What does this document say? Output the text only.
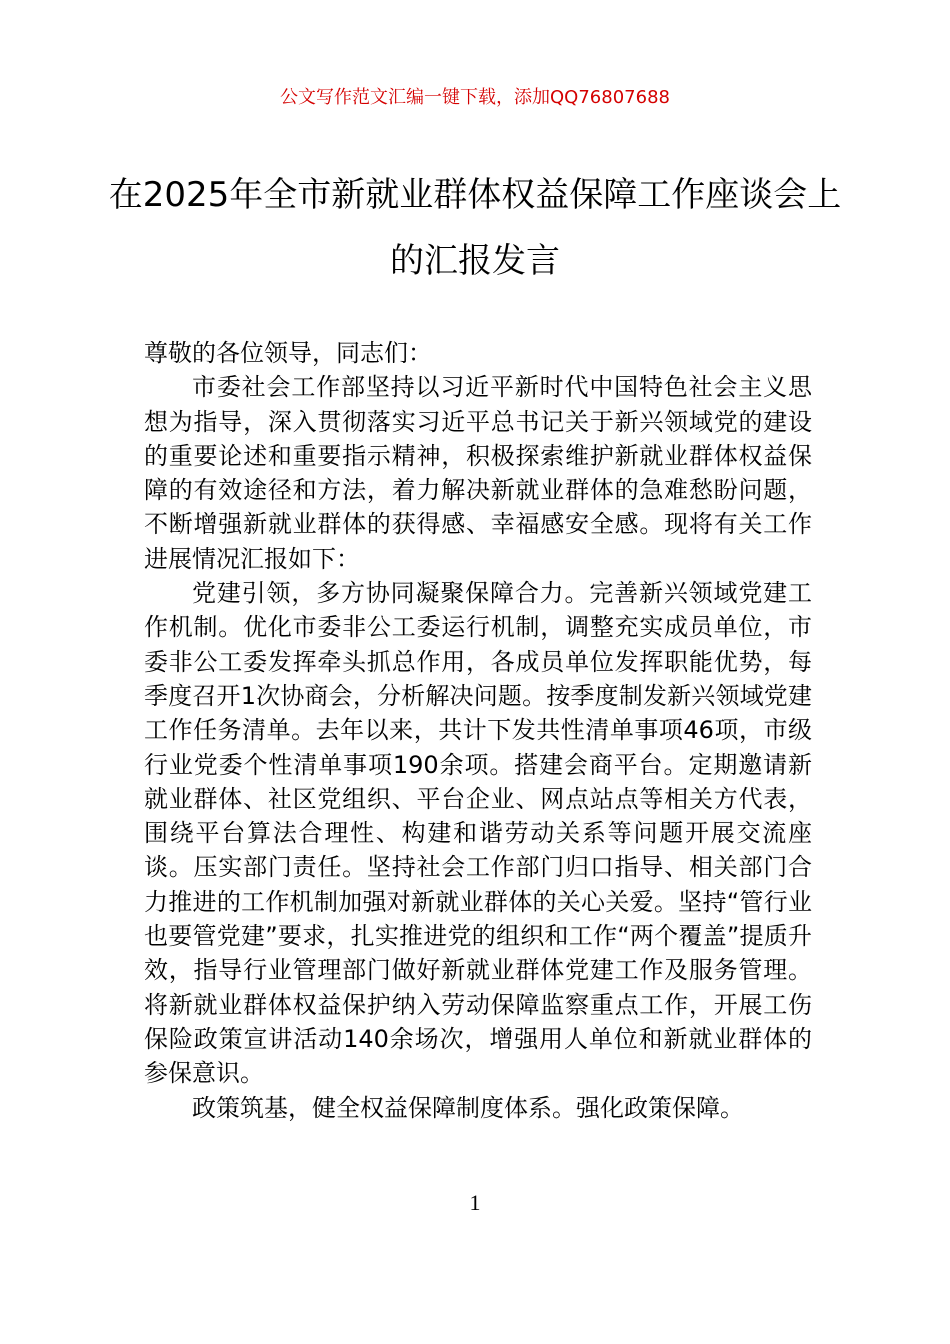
公文写作范文汇编一键下载，添加QQ76807688
在2025年全市新就业群体权益保障工作座谈会上的汇报发言

尊敬的各位领导，同志们：

市委社会工作部坚持以习近平新时代中国特色社会主义思想为指导，深入贯彻落实习近平总书记关于新兴领域党的建设的重要论述和重要指示精神，积极探索维护新就业群体权益保障的有效途径和方法，着力解决新就业群体的急难愁盼问题，不断增强新就业群体的获得感、幸福感安全感。现将有关工作进展情况汇报如下：

党建引领，多方协同凝聚保障合力。完善新兴领域党建工作机制。优化市委非公工委运行机制，调整充实成员单位，市委非公工委发挥牵头抓总作用，各成员单位发挥职能优势，每季度召开1次协商会，分析解决问题。按季度制发新兴领域党建工作任务清单。去年以来，共计下发共性清单事项46项，市级行业党委个性清单事项190余项。搭建会商平台。定期邀请新就业群体、社区党组织、平台企业、网点站点等相关方代表，围绕平台算法合理性、构建和谐劳动关系等问题开展交流座谈。压实部门责任。坚持社会工作部门归口指导、相关部门合力推进的工作机制加强对新就业群体的关心关爱。坚持“管行业也要管党建”要求，扎实推进党的组织和工作“两个覆盖”提质升效，指导行业管理部门做好新就业群体党建工作及服务管理。将新就业群体权益保护纳入劳动保障监察重点工作，开展工伤保险政策宣讲活动140余场次，增强用人单位和新就业群体的参保意识。

政策筑基，健全权益保障制度体系。强化政策保障。

1
